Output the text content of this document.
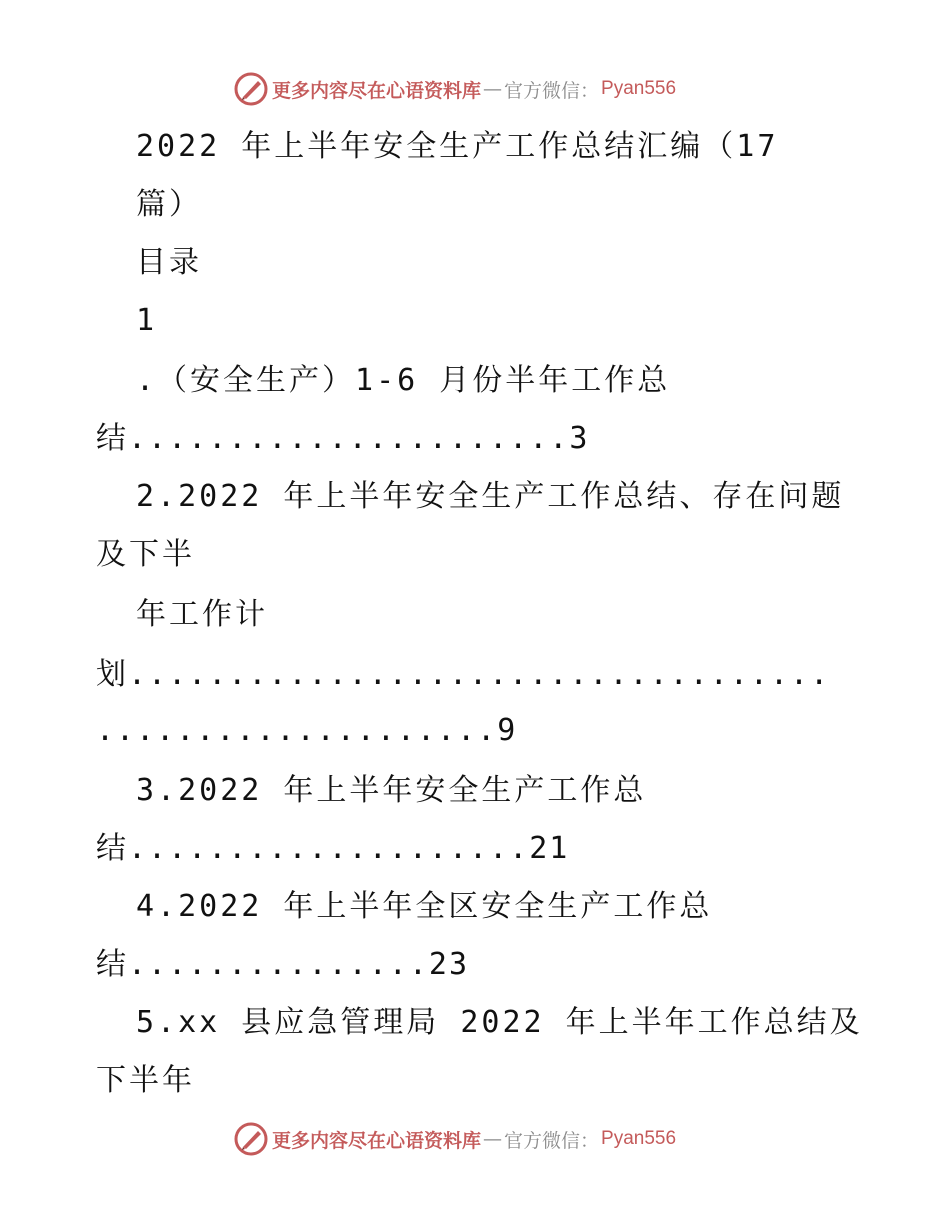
更多内容尽在心语资料库 — 官方微信： Pyan556
2022 年上半年安全生产工作总结汇编（17
篇）
目录
1
.（安全生产）1-6 月份半年工作总
结......................3
2.2022 年上半年安全生产工作总结、存在问题
及下半
年工作计
划...................................
....................9
3.2022 年上半年安全生产工作总
结....................21
4.2022 年上半年全区安全生产工作总
结...............23
5.xx 县应急管理局 2022 年上半年工作总结及
下半年
更多内容尽在心语资料库 — 官方微信： Pyan556
